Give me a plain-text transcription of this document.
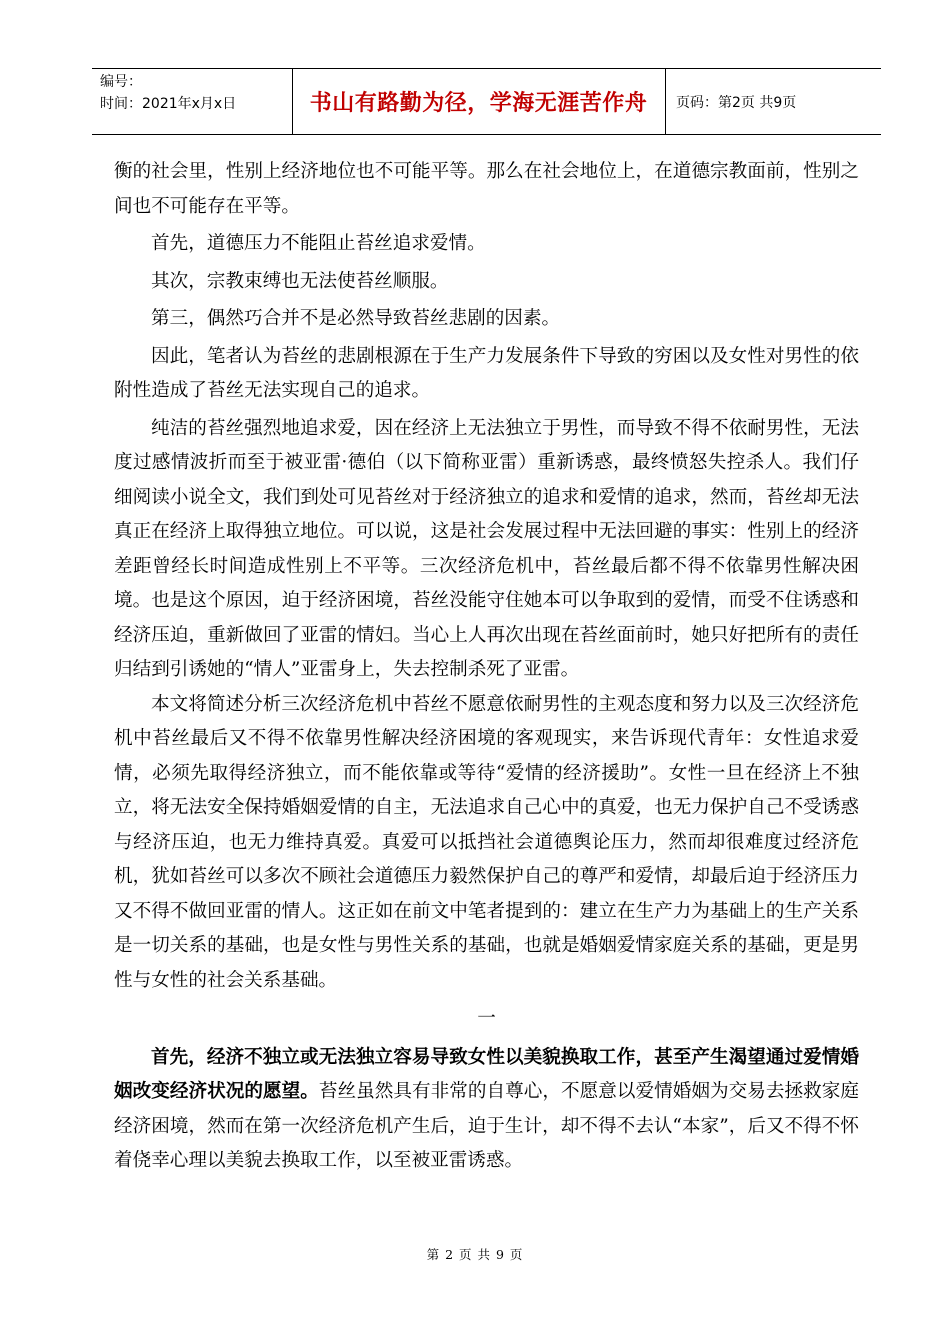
编号：
时间：2021年x月x日	书山有路勤为径，学海无涯苦作舟	页码：第2页 共9页

衡的社会里，性别上经济地位也不可能平等。那么在社会地位上，在道德宗教面前，性别之间也不可能存在平等。

首先，道德压力不能阻止苔丝追求爱情。

其次，宗教束缚也无法使苔丝顺服。

第三，偶然巧合并不是必然导致苔丝悲剧的因素。

因此，笔者认为苔丝的悲剧根源在于生产力发展条件下导致的穷困以及女性对男性的依附性造成了苔丝无法实现自己的追求。

纯洁的苔丝强烈地追求爱，因在经济上无法独立于男性，而导致不得不依耐男性，无法度过感情波折而至于被亚雷·德伯（以下简称亚雷）重新诱惑，最终愤怒失控杀人。我们仔细阅读小说全文，我们到处可见苔丝对于经济独立的追求和爱情的追求，然而，苔丝却无法真正在经济上取得独立地位。可以说，这是社会发展过程中无法回避的事实：性别上的经济差距曾经长时间造成性别上不平等。三次经济危机中，苔丝最后都不得不依靠男性解决困境。也是这个原因，迫于经济困境，苔丝没能守住她本可以争取到的爱情，而受不住诱惑和经济压迫，重新做回了亚雷的情妇。当心上人再次出现在苔丝面前时，她只好把所有的责任归结到引诱她的“情人”亚雷身上，失去控制杀死了亚雷。

本文将简述分析三次经济危机中苔丝不愿意依耐男性的主观态度和努力以及三次经济危机中苔丝最后又不得不依靠男性解决经济困境的客观现实，来告诉现代青年：女性追求爱情，必须先取得经济独立，而不能依靠或等待“爱情的经济援助”。女性一旦在经济上不独立，将无法安全保持婚姻爱情的自主，无法追求自己心中的真爱，也无力保护自己不受诱惑与经济压迫，也无力维持真爱。真爱可以抵挡社会道德舆论压力，然而却很难度过经济危机，犹如苔丝可以多次不顾社会道德压力毅然保护自己的尊严和爱情，却最后迫于经济压力又不得不做回亚雷的情人。这正如在前文中笔者提到的：建立在生产力为基础上的生产关系是一切关系的基础，也是女性与男性关系的基础，也就是婚姻爱情家庭关系的基础，更是男性与女性的社会关系基础。

一

首先，经济不独立或无法独立容易导致女性以美貌换取工作，甚至产生渴望通过爱情婚姻改变经济状况的愿望。苔丝虽然具有非常的自尊心，不愿意以爱情婚姻为交易去拯救家庭经济困境，然而在第一次经济危机产生后，迫于生计，却不得不去认“本家”，后又不得不怀着侥幸心理以美貌去换取工作，以至被亚雷诱惑。

第 2 页 共 9 页
